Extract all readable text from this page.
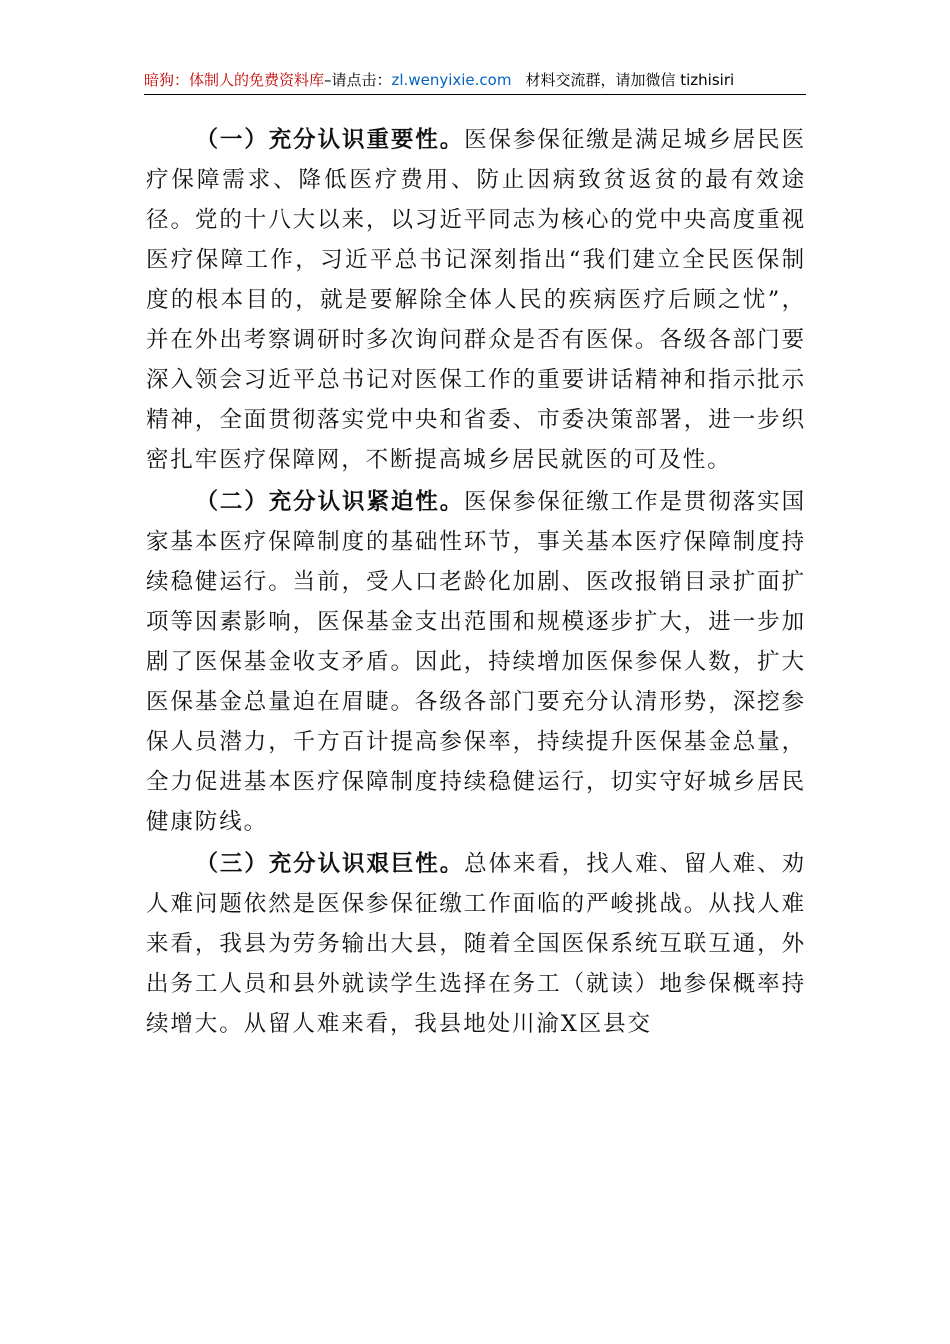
暗狗：体制人的免费资料库–请点击：zl.wenyixie.com 材料交流群，请加微信 tizhisiri

（一）充分认识重要性。医保参保征缴是满足城乡居民医疗保障需求、降低医疗费用、防止因病致贫返贫的最有效途径。党的十八大以来，以习近平同志为核心的党中央高度重视医疗保障工作，习近平总书记深刻指出“我们建立全民医保制度的根本目的，就是要解除全体人民的疾病医疗后顾之忧”，并在外出考察调研时多次询问群众是否有医保。各级各部门要深入领会习近平总书记对医保工作的重要讲话精神和指示批示精神，全面贯彻落实党中央和省委、市委决策部署，进一步织密扎牢医疗保障网，不断提高城乡居民就医的可及性。

（二）充分认识紧迫性。医保参保征缴工作是贯彻落实国家基本医疗保障制度的基础性环节，事关基本医疗保障制度持续稳健运行。当前，受人口老龄化加剧、医改报销目录扩面扩项等因素影响，医保基金支出范围和规模逐步扩大，进一步加剧了医保基金收支矛盾。因此，持续增加医保参保人数，扩大医保基金总量迫在眉睫。各级各部门要充分认清形势，深挖参保人员潜力，千方百计提高参保率，持续提升医保基金总量，全力促进基本医疗保障制度持续稳健运行，切实守好城乡居民健康防线。

（三）充分认识艰巨性。总体来看，找人难、留人难、劝人难问题依然是医保参保征缴工作面临的严峻挑战。从找人难来看，我县为劳务输出大县，随着全国医保系统互联互通，外出务工人员和县外就读学生选择在务工（就读）地参保概率持续增大。从留人难来看，我县地处川渝X区县交
